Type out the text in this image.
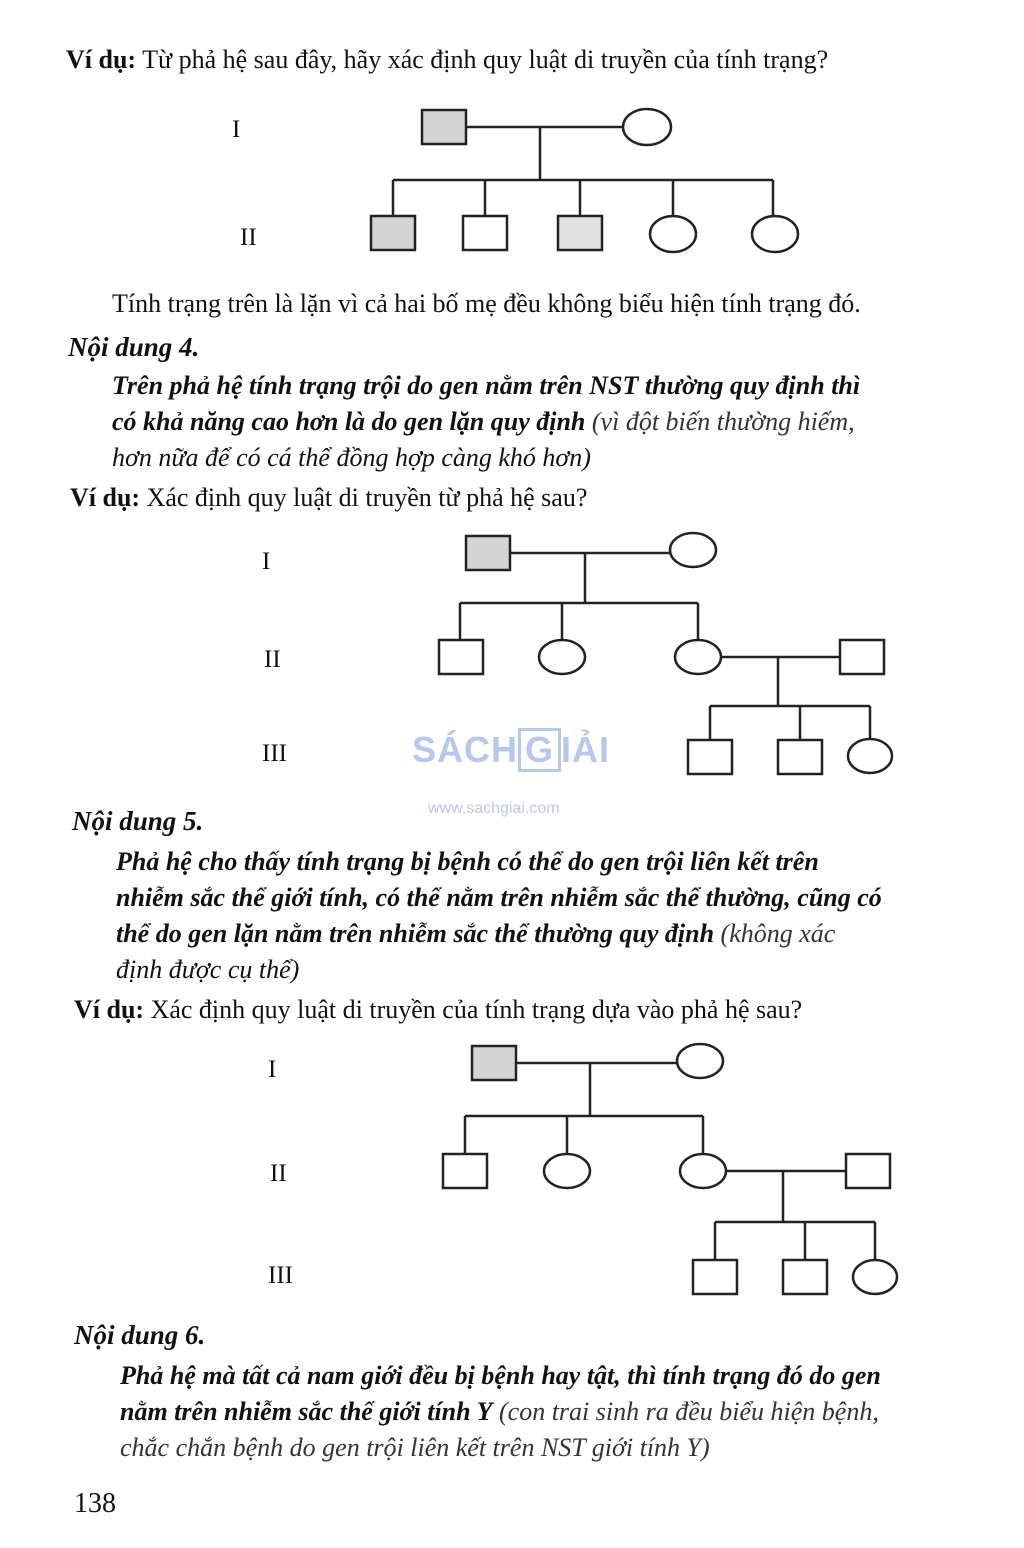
Ví dụ: Từ phả hệ sau đây, hãy xác định quy luật di truyền của tính trạng?
I
II
Tính trạng trên là lặn vì cả hai bố mẹ đều không biểu hiện tính trạng đó.
Nội dung 4.
Trên phả hệ tính trạng trội do gen nằm trên NST thường quy định thì
có khả năng cao hơn là do gen lặn quy định (vì đột biến thường hiếm,
hơn nữa để có cá thể đồng hợp càng khó hơn)
Ví dụ: Xác định quy luật di truyền từ phả hệ sau?
I
II
III	SÁCH G IẢI
www.sachgiai.com
Nội dung 5.
Phả hệ cho thấy tính trạng bị bệnh có thể do gen trội liên kết trên
nhiễm sắc thể giới tính, có thể nằm trên nhiễm sắc thể thường, cũng có
thể do gen lặn nằm trên nhiễm sắc thể thường quy định (không xác
định được cụ thể)
Ví dụ: Xác định quy luật di truyền của tính trạng dựa vào phả hệ sau?
I
II
III
Nội dung 6.
Phả hệ mà tất cả nam giới đều bị bệnh hay tật, thì tính trạng đó do gen
nằm trên nhiễm sắc thể giới tính Y (con trai sinh ra đều biểu hiện bệnh,
chắc chắn bệnh do gen trội liên kết trên NST giới tính Y)
138
